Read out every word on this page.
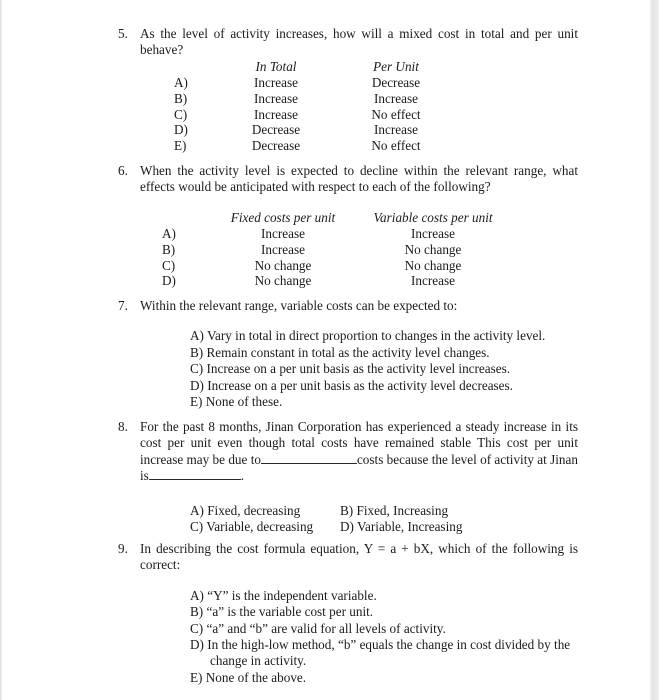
5. As the level of activity increases, how will a mixed cost in total and per unit behave?
	In Total	Per Unit
A)	Increase	Decrease
B)	Increase	Increase
C)	Increase	No effect
D)	Decrease	Increase
E)	Decrease	No effect
6. When the activity level is expected to decline within the relevant range, what effects would be anticipated with respect to each of the following?
	Fixed costs per unit	Variable costs per unit
A)	Increase	Increase
B)	Increase	No change
C)	No change	No change
D)	No change	Increase
7. Within the relevant range, variable costs can be expected to:
A) Vary in total in direct proportion to changes in the activity level.
B) Remain constant in total as the activity level changes.
C) Increase on a per unit basis as the activity level increases.
D) Increase on a per unit basis as the activity level decreases.
E) None of these.
8. For the past 8 months, Jinan Corporation has experienced a steady increase in its cost per unit even though total costs have remained stable This cost per unit increase may be due to	costs because the level of activity at Jinan is	.
A) Fixed, decreasing	B) Fixed, Increasing
C) Variable, decreasing	D) Variable, Increasing
9. In describing the cost formula equation, Y = a + bX, which of the following is correct:
A) “Y” is the independent variable.
B) “a” is the variable cost per unit.
C) “a” and “b” are valid for all levels of activity.
D) In the high-low method, “b” equals the change in cost divided by the change in activity.
E) None of the above.
